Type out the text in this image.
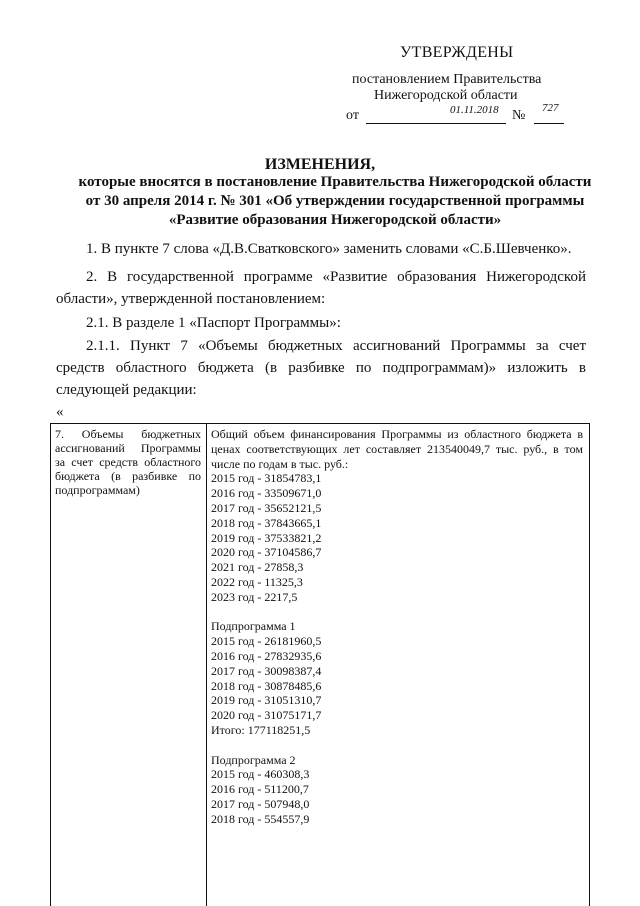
УТВЕРЖДЕНЫ
постановлением Правительства
Нижегородской области
от	01.11.2018 № 727
ИЗМЕНЕНИЯ,
которые вносятся в постановление Правительства Нижегородской области от 30 апреля 2014 г. № 301 «Об утверждении государственной программы «Развитие образования Нижегородской области»
1. В пункте 7 слова «Д.В.Сватковского» заменить словами «С.Б.Шевченко».
2. В государственной программе «Развитие образования Нижегородской области», утвержденной постановлением:
2.1. В разделе 1 «Паспорт Программы»:
2.1.1. Пункт 7 «Объемы бюджетных ассигнований Программы за счет средств областного бюджета (в разбивке по подпрограммам)» изложить в следующей редакции:
«
7. Объемы бюджетных ассигнований Программы за счет средств областного бюджета (в разбивке по подпрограммам)
Общий объем финансирования Программы из областного бюджета в ценах соответствующих лет составляет 213540049,7 тыс. руб., в том числе по годам в тыс. руб.:
2015 год - 31854783,1
2016 год - 33509671,0
2017 год - 35652121,5
2018 год - 37843665,1
2019 год - 37533821,2
2020 год - 37104586,7
2021 год - 27858,3
2022 год - 11325,3
2023 год - 2217,5
Подпрограмма 1
2015 год - 26181960,5
2016 год - 27832935,6
2017 год - 30098387,4
2018 год - 30878485,6
2019 год - 31051310,7
2020 год - 31075171,7
Итого: 177118251,5
Подпрограмма 2
2015 год - 460308,3
2016 год - 511200,7
2017 год - 507948,0
2018 год - 554557,9
